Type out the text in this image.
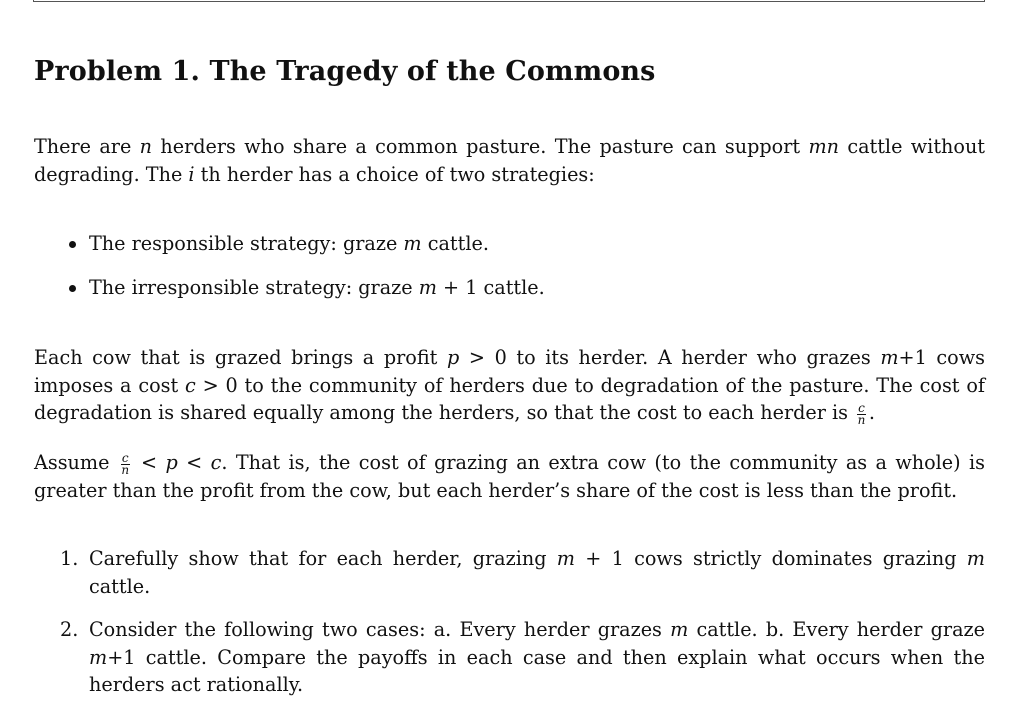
Problem 1. The Tragedy of the Commons

There are n herders who share a common pasture. The pasture can support mn cattle without degrading. The i th herder has a choice of two strategies:

The responsible strategy: graze m cattle.
The irresponsible strategy: graze m + 1 cattle.

Each cow that is grazed brings a profit p > 0 to its herder. A herder who grazes m+1 cows imposes a cost c > 0 to the community of herders due to degradation of the pasture. The cost of degradation is shared equally among the herders, so that the cost to each herder is $\frac{c}{n}$ .

Assume $\frac{c}{n} < p < c$. That is, the cost of grazing an extra cow (to the community as a whole) is greater than the profit from the cow, but each herder’s share of the cost is less than the profit.

1. Carefully show that for each herder, grazing m + 1 cows strictly dominates grazing m cattle.
2. Consider the following two cases: a. Every herder grazes m cattle. b. Every herder graze m+1 cattle. Compare the payoffs in each case and then explain what occurs when the herders act rationally.
